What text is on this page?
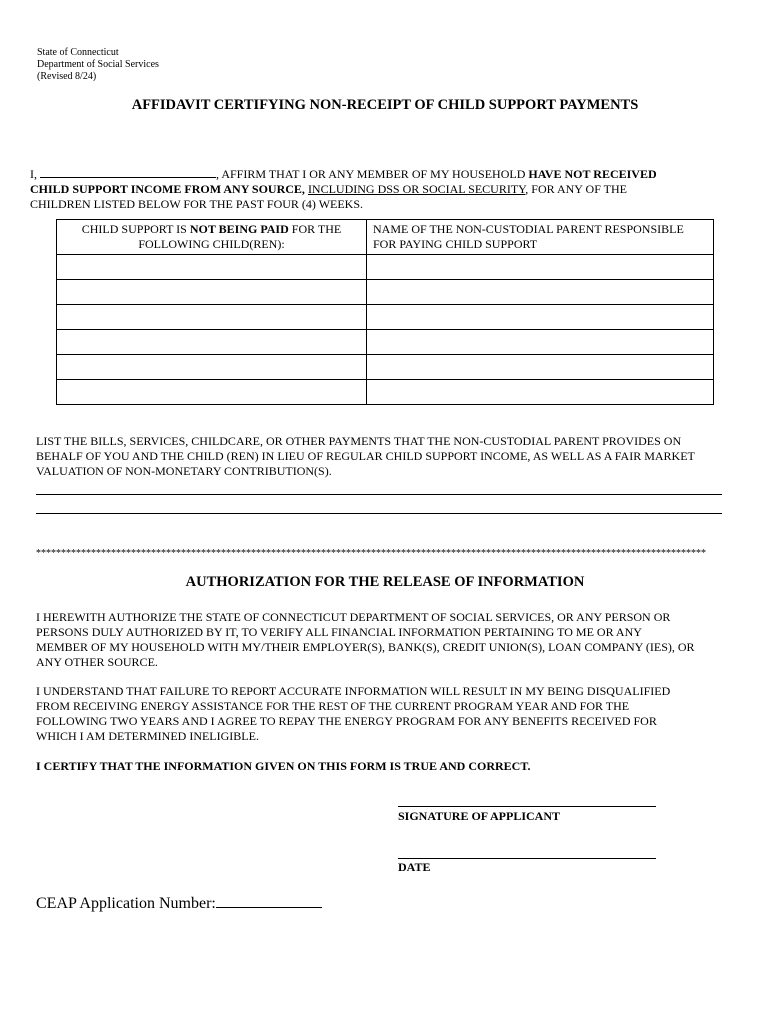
State of Connecticut
Department of Social Services
(Revised 8/24)
AFFIDAVIT CERTIFYING NON-RECEIPT OF CHILD SUPPORT PAYMENTS
I,	, AFFIRM THAT I OR ANY MEMBER OF MY HOUSEHOLD HAVE NOT RECEIVED
CHILD SUPPORT INCOME FROM ANY SOURCE, INCLUDING DSS OR SOCIAL SECURITY, FOR ANY OF THE
CHILDREN LISTED BELOW FOR THE PAST FOUR (4) WEEKS.
CHILD SUPPORT IS NOT BEING PAID FOR THE
FOLLOWING CHILD(REN):	NAME OF THE NON-CUSTODIAL PARENT RESPONSIBLE
FOR PAYING CHILD SUPPORT

LIST THE BILLS, SERVICES, CHILDCARE, OR OTHER PAYMENTS THAT THE NON-CUSTODIAL PARENT PROVIDES ON
BEHALF OF YOU AND THE CHILD (REN) IN LIEU OF REGULAR CHILD SUPPORT INCOME, AS WELL AS A FAIR MARKET
VALUATION OF NON-MONETARY CONTRIBUTION(S).
**************************************************************************************************************************************
AUTHORIZATION FOR THE RELEASE OF INFORMATION
I HEREWITH AUTHORIZE THE STATE OF CONNECTICUT DEPARTMENT OF SOCIAL SERVICES, OR ANY PERSON OR
PERSONS DULY AUTHORIZED BY IT, TO VERIFY ALL FINANCIAL INFORMATION PERTAINING TO ME OR ANY
MEMBER OF MY HOUSEHOLD WITH MY/THEIR EMPLOYER(S), BANK(S), CREDIT UNION(S), LOAN COMPANY (IES), OR
ANY OTHER SOURCE.
I UNDERSTAND THAT FAILURE TO REPORT ACCURATE INFORMATION WILL RESULT IN MY BEING DISQUALIFIED
FROM RECEIVING ENERGY ASSISTANCE FOR THE REST OF THE CURRENT PROGRAM YEAR AND FOR THE
FOLLOWING TWO YEARS AND I AGREE TO REPAY THE ENERGY PROGRAM FOR ANY BENEFITS RECEIVED FOR
WHICH I AM DETERMINED INELIGIBLE.
I CERTIFY THAT THE INFORMATION GIVEN ON THIS FORM IS TRUE AND CORRECT.
SIGNATURE OF APPLICANT
DATE
CEAP Application Number:
